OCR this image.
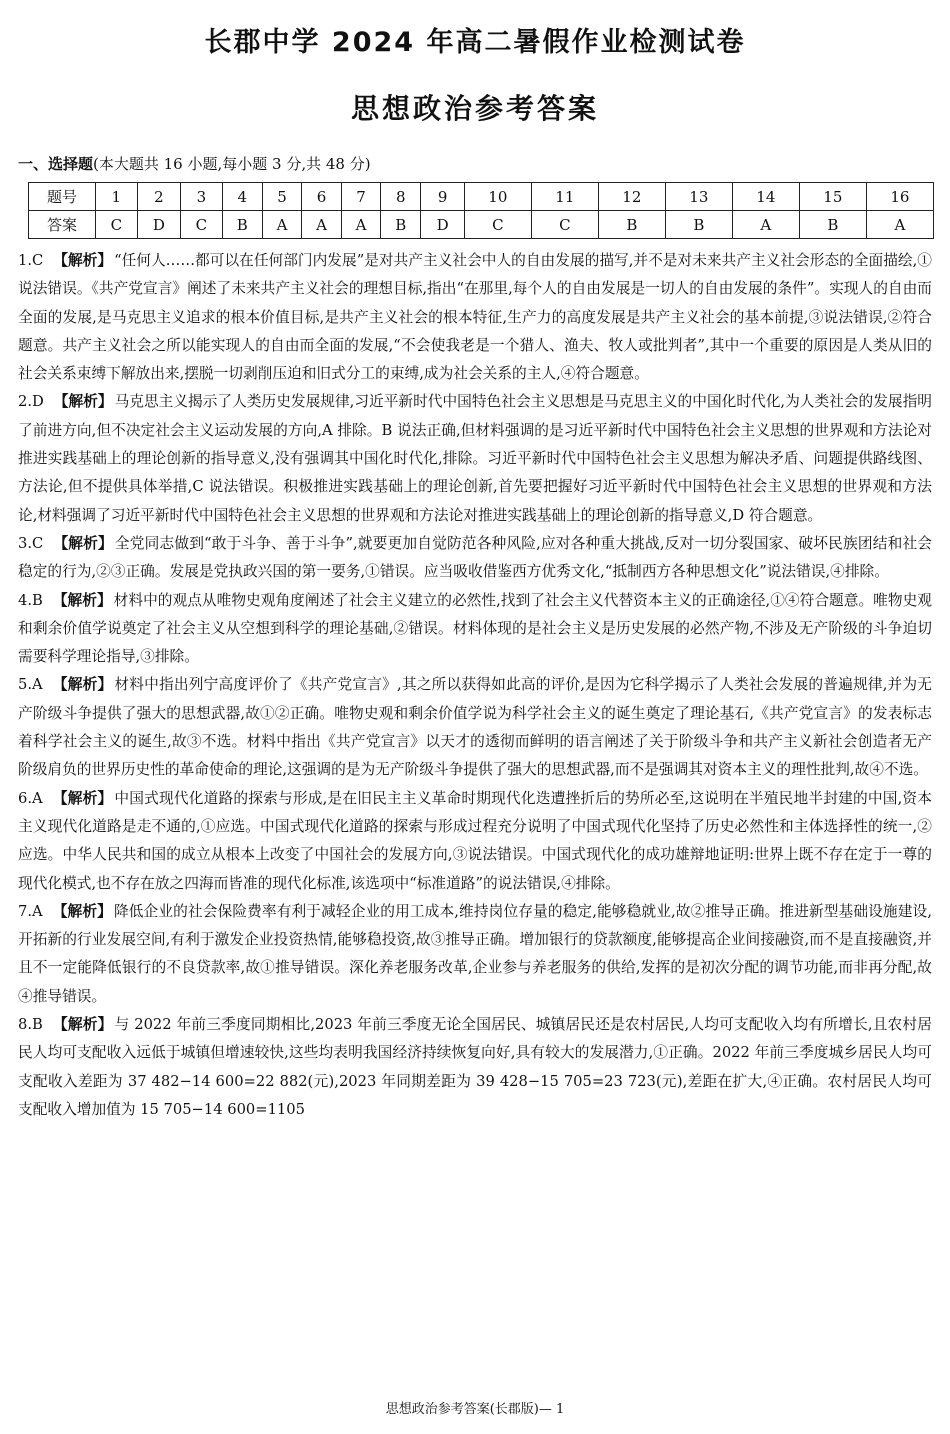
长郡中学 2024 年高二暑假作业检测试卷
思想政治参考答案
一、选择题(本大题共 16 小题,每小题 3 分,共 48 分)
题号	1	2	3	4	5	6	7	8	9	10	11	12	13	14	15	16
答案	C	D	C	B	A	A	A	B	D	C	C	B	B	A	B	A
1.C 【解析】 “任何人……都可以在任何部门内发展”是对共产主义社会中人的自由发展的描写,并不是对未来共产主义社会形态的全面描绘,①说法错误。《共产党宣言》阐述了未来共产主义社会的理想目标,指出“在那里,每个人的自由发展是一切人的自由发展的条件”。实现人的自由而全面的发展,是马克思主义追求的根本价值目标,是共产主义社会的根本特征,生产力的高度发展是共产主义社会的基本前提,③说法错误,②符合题意。共产主义社会之所以能实现人的自由而全面的发展,“不会使我老是一个猎人、渔夫、牧人或批判者”,其中一个重要的原因是人类从旧的社会关系束缚下解放出来,摆脱一切剥削压迫和旧式分工的束缚,成为社会关系的主人,④符合题意。
2.D 【解析】 马克思主义揭示了人类历史发展规律,习近平新时代中国特色社会主义思想是马克思主义的中国化时代化,为人类社会的发展指明了前进方向,但不决定社会主义运动发展的方向,A 排除。B 说法正确,但材料强调的是习近平新时代中国特色社会主义思想的世界观和方法论对推进实践基础上的理论创新的指导意义,没有强调其中国化时代化,排除。习近平新时代中国特色社会主义思想为解决矛盾、问题提供路线图、方法论,但不提供具体举措,C 说法错误。积极推进实践基础上的理论创新,首先要把握好习近平新时代中国特色社会主义思想的世界观和方法论,材料强调了习近平新时代中国特色社会主义思想的世界观和方法论对推进实践基础上的理论创新的指导意义,D 符合题意。
3.C 【解析】 全党同志做到“敢于斗争、善于斗争”,就要更加自觉防范各种风险,应对各种重大挑战,反对一切分裂国家、破坏民族团结和社会稳定的行为,②③正确。发展是党执政兴国的第一要务,①错误。应当吸收借鉴西方优秀文化,“抵制西方各种思想文化”说法错误,④排除。
4.B 【解析】 材料中的观点从唯物史观角度阐述了社会主义建立的必然性,找到了社会主义代替资本主义的正确途径,①④符合题意。唯物史观和剩余价值学说奠定了社会主义从空想到科学的理论基础,②错误。材料体现的是社会主义是历史发展的必然产物,不涉及无产阶级的斗争迫切需要科学理论指导,③排除。
5.A 【解析】 材料中指出列宁高度评价了《共产党宣言》,其之所以获得如此高的评价,是因为它科学揭示了人类社会发展的普遍规律,并为无产阶级斗争提供了强大的思想武器,故①②正确。唯物史观和剩余价值学说为科学社会主义的诞生奠定了理论基石,《共产党宣言》的发表标志着科学社会主义的诞生,故③不选。材料中指出《共产党宣言》以天才的透彻而鲜明的语言阐述了关于阶级斗争和共产主义新社会创造者无产阶级肩负的世界历史性的革命使命的理论,这强调的是为无产阶级斗争提供了强大的思想武器,而不是强调其对资本主义的理性批判,故④不选。
6.A 【解析】 中国式现代化道路的探索与形成,是在旧民主主义革命时期现代化迭遭挫折后的势所必至,这说明在半殖民地半封建的中国,资本主义现代化道路是走不通的,①应选。中国式现代化道路的探索与形成过程充分说明了中国式现代化坚持了历史必然性和主体选择性的统一,②应选。中华人民共和国的成立从根本上改变了中国社会的发展方向,③说法错误。中国式现代化的成功雄辩地证明:世界上既不存在定于一尊的现代化模式,也不存在放之四海而皆准的现代化标准,该选项中“标准道路”的说法错误,④排除。
7.A 【解析】 降低企业的社会保险费率有利于减轻企业的用工成本,维持岗位存量的稳定,能够稳就业,故②推导正确。推进新型基础设施建设,开拓新的行业发展空间,有利于激发企业投资热情,能够稳投资,故③推导正确。增加银行的贷款额度,能够提高企业间接融资,而不是直接融资,并且不一定能降低银行的不良贷款率,故①推导错误。深化养老服务改革,企业参与养老服务的供给,发挥的是初次分配的调节功能,而非再分配,故④推导错误。
8.B 【解析】 与 2022 年前三季度同期相比,2023 年前三季度无论全国居民、城镇居民还是农村居民,人均可支配收入均有所增长,且农村居民人均可支配收入远低于城镇但增速较快,这些均表明我国经济持续恢复向好,具有较大的发展潜力,①正确。2022 年前三季度城乡居民人均可支配收入差距为 37 482−14 600=22 882(元),2023 年同期差距为 39 428−15 705=23 723(元),差距在扩大,④正确。农村居民人均可支配收入增加值为 15 705−14 600=1105
思想政治参考答案(长郡版)— 1
